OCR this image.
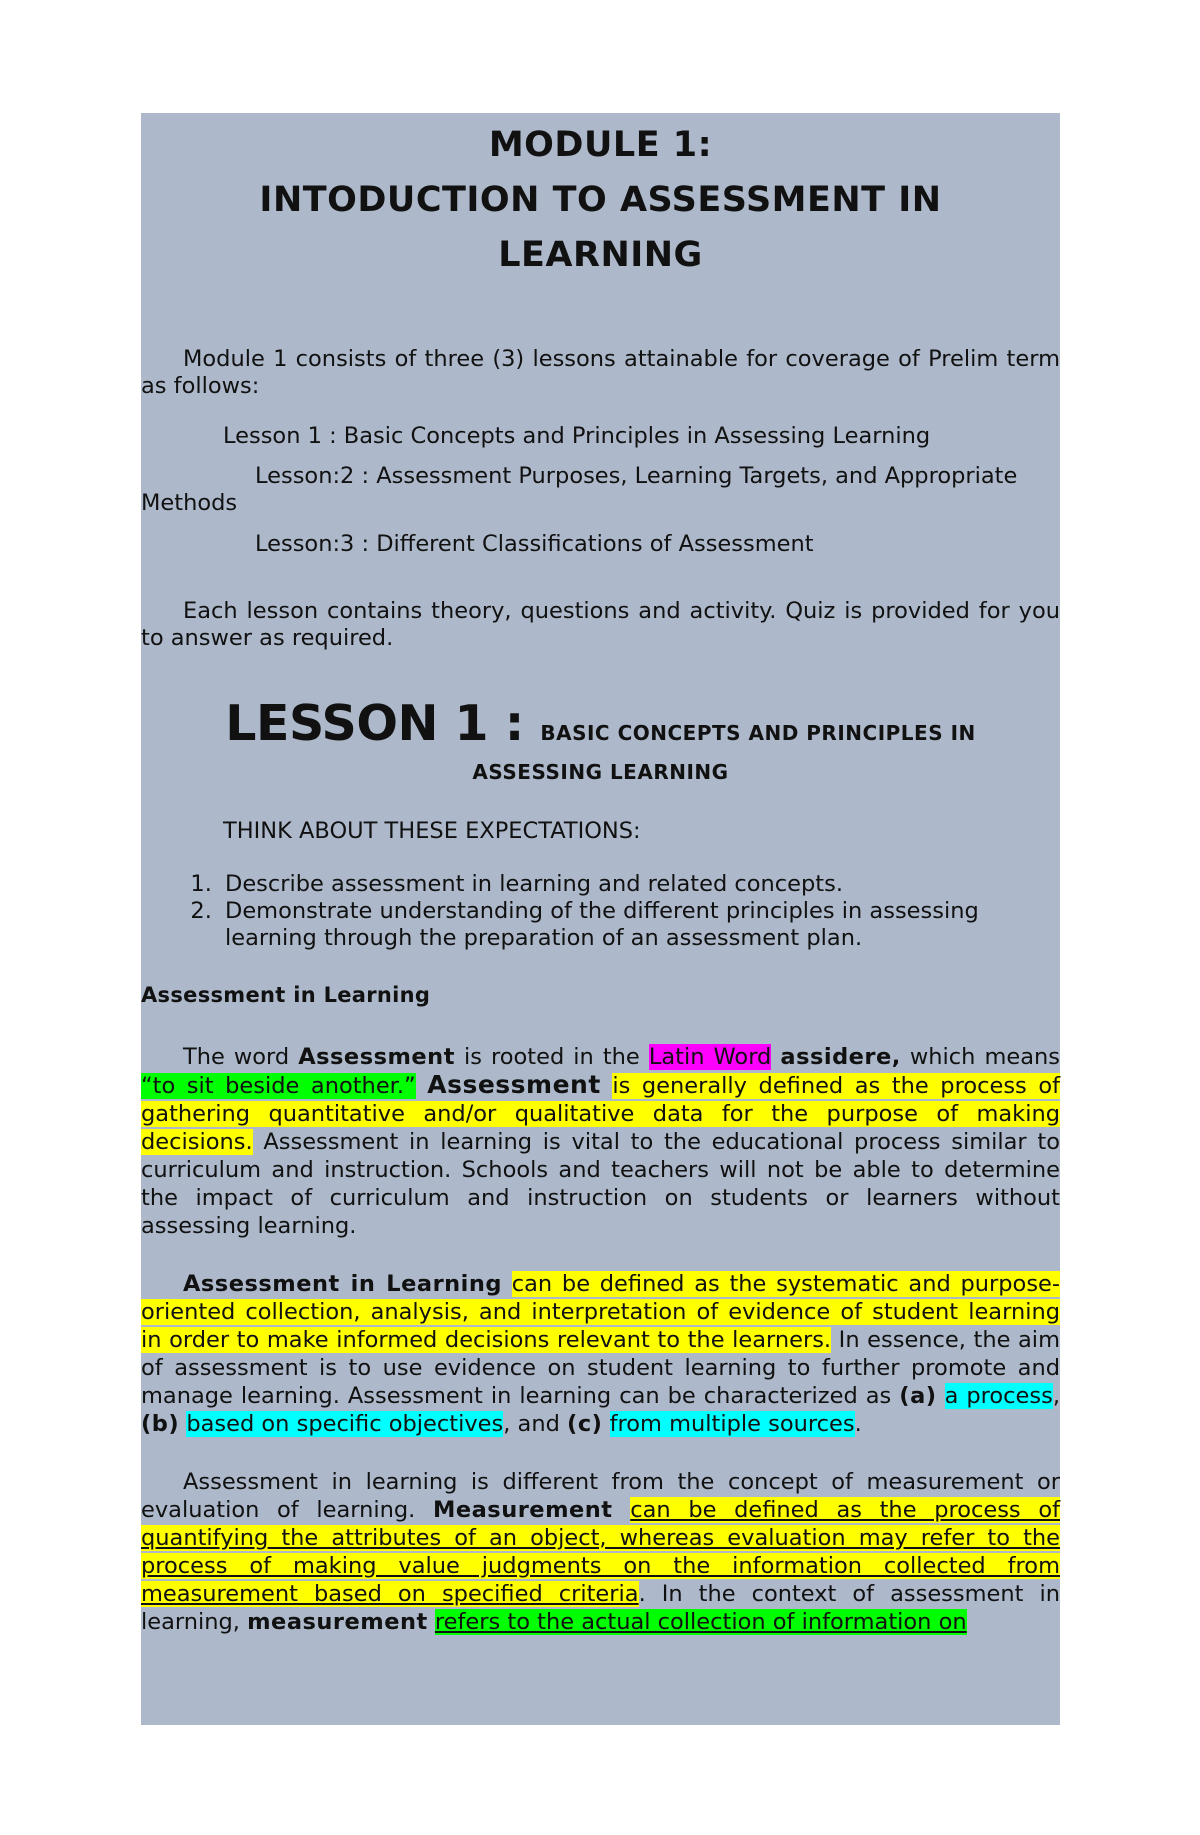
MODULE 1:
INTODUCTION TO ASSESSMENT IN
LEARNING
Module 1 consists of three (3) lessons attainable for coverage of Prelim term as follows:
Lesson 1 : Basic Concepts and Principles in Assessing Learning
Lesson:2 : Assessment Purposes, Learning Targets, and Appropriate
Methods
Lesson:3 : Different Classifications of Assessment
Each lesson contains theory, questions and activity. Quiz is provided for you to answer as required.
LESSON 1 : BASIC CONCEPTS AND PRINCIPLES IN
ASSESSING LEARNING
THINK ABOUT THESE EXPECTATIONS:
1. Describe assessment in learning and related concepts.
2. Demonstrate understanding of the different principles in assessing learning through the preparation of an assessment plan.
Assessment in Learning
The word Assessment is rooted in the Latin Word assidere, which means “to sit beside another.” Assessment is generally defined as the process of gathering quantitative and/or qualitative data for the purpose of making decisions. Assessment in learning is vital to the educational process similar to curriculum and instruction. Schools and teachers will not be able to determine the impact of curriculum and instruction on students or learners without assessing learning.
Assessment in Learning can be defined as the systematic and purpose-oriented collection, analysis, and interpretation of evidence of student learning in order to make informed decisions relevant to the learners. In essence, the aim of assessment is to use evidence on student learning to further promote and manage learning. Assessment in learning can be characterized as (a) a process, (b) based on specific objectives, and (c) from multiple sources.
Assessment in learning is different from the concept of measurement or evaluation of learning. Measurement can be defined as the process of quantifying the attributes of an object, whereas evaluation may refer to the process of making value judgments on the information collected from measurement based on specified criteria. In the context of assessment in learning, measurement refers to the actual collection of information on
